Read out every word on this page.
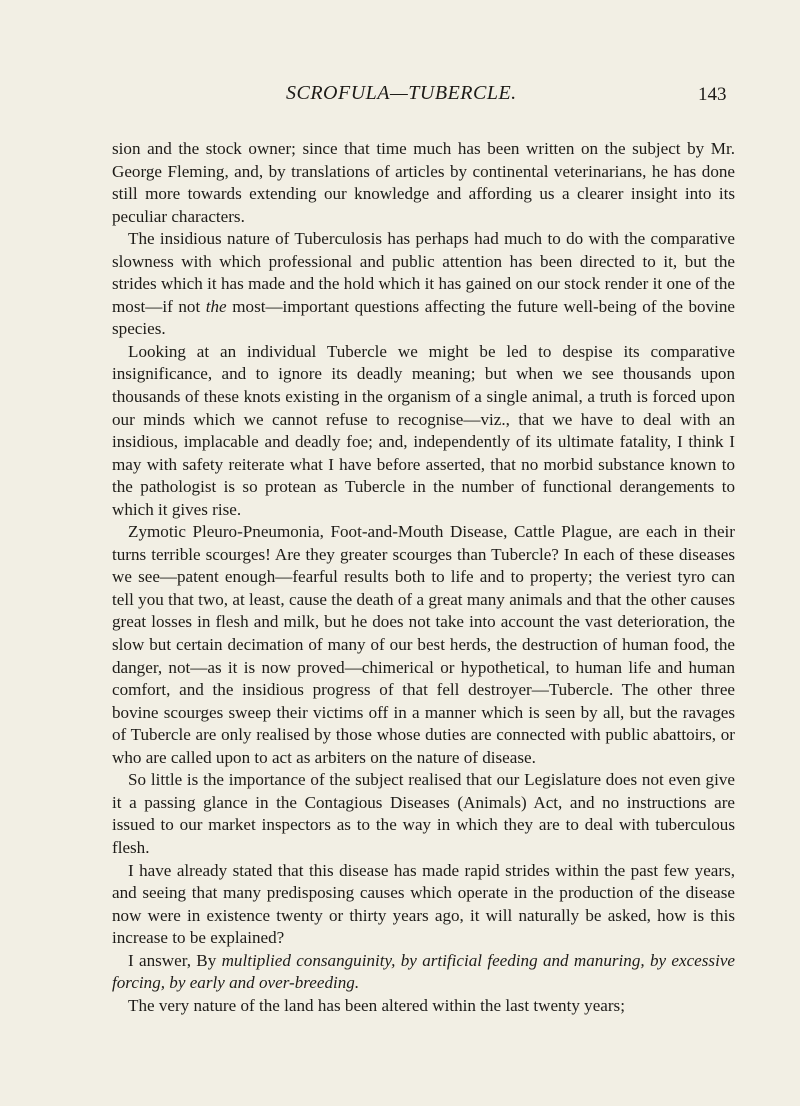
SCROFULA—TUBERCLE.	143

sion and the stock owner; since that time much has been written on the subject by Mr. George Fleming, and, by translations of articles by continental veterinarians, he has done still more towards extending our knowledge and affording us a clearer insight into its peculiar characters.

The insidious nature of Tuberculosis has perhaps had much to do with the comparative slowness with which professional and public attention has been directed to it, but the strides which it has made and the hold which it has gained on our stock render it one of the most—if not the most—important questions affecting the future well-being of the bovine species.

Looking at an individual Tubercle we might be led to despise its comparative insignificance, and to ignore its deadly meaning; but when we see thousands upon thousands of these knots existing in the organism of a single animal, a truth is forced upon our minds which we cannot refuse to recognise—viz., that we have to deal with an insidious, implacable and deadly foe; and, independently of its ultimate fatality, I think I may with safety reiterate what I have before asserted, that no morbid substance known to the pathologist is so protean as Tubercle in the number of functional derangements to which it gives rise.

Zymotic Pleuro-Pneumonia, Foot-and-Mouth Disease, Cattle Plague, are each in their turns terrible scourges! Are they greater scourges than Tubercle? In each of these diseases we see—patent enough—fearful results both to life and to property; the veriest tyro can tell you that two, at least, cause the death of a great many animals and that the other causes great losses in flesh and milk, but he does not take into account the vast deterioration, the slow but certain decimation of many of our best herds, the destruction of human food, the danger, not—as it is now proved—chimerical or hypothetical, to human life and human comfort, and the insidious progress of that fell destroyer—Tubercle. The other three bovine scourges sweep their victims off in a manner which is seen by all, but the ravages of Tubercle are only realised by those whose duties are connected with public abattoirs, or who are called upon to act as arbiters on the nature of disease.

So little is the importance of the subject realised that our Legislature does not even give it a passing glance in the Contagious Diseases (Animals) Act, and no instructions are issued to our market inspectors as to the way in which they are to deal with tuberculous flesh.

I have already stated that this disease has made rapid strides within the past few years, and seeing that many predisposing causes which operate in the production of the disease now were in existence twenty or thirty years ago, it will naturally be asked, how is this increase to be explained?

I answer, By multiplied consanguinity, by artificial feeding and manuring, by excessive forcing, by early and over-breeding.

The very nature of the land has been altered within the last twenty years;
